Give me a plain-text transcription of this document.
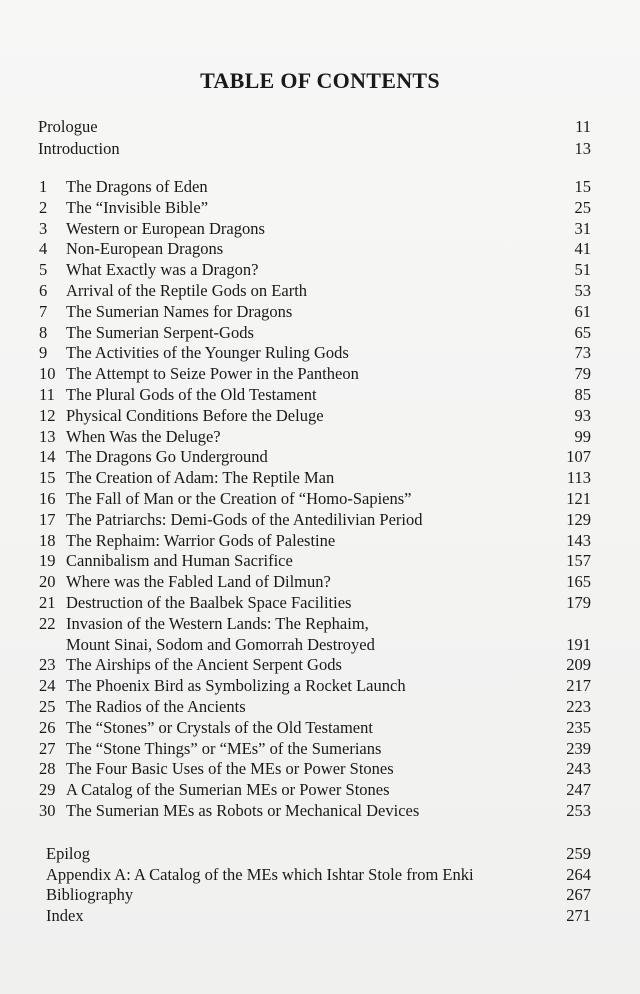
TABLE OF CONTENTS
Prologue	11
Introduction	13
1 The Dragons of Eden	15
2 The “Invisible Bible”	25
3 Western or European Dragons	31
4 Non-European Dragons	41
5 What Exactly was a Dragon?	51
6 Arrival of the Reptile Gods on Earth	53
7 The Sumerian Names for Dragons	61
8 The Sumerian Serpent-Gods	65
9 The Activities of the Younger Ruling Gods	73
10 The Attempt to Seize Power in the Pantheon	79
11 The Plural Gods of the Old Testament	85
12 Physical Conditions Before the Deluge	93
13 When Was the Deluge?	99
14 The Dragons Go Underground	107
15 The Creation of Adam: The Reptile Man	113
16 The Fall of Man or the Creation of “Homo-Sapiens”	121
17 The Patriarchs: Demi-Gods of the Antedilivian Period	129
18 The Rephaim: Warrior Gods of Palestine	143
19 Cannibalism and Human Sacrifice	157
20 Where was the Fabled Land of Dilmun?	165
21 Destruction of the Baalbek Space Facilities	179
22 Invasion of the Western Lands: The Rephaim,
Mount Sinai, Sodom and Gomorrah Destroyed	191
23 The Airships of the Ancient Serpent Gods	209
24 The Phoenix Bird as Symbolizing a Rocket Launch	217
25 The Radios of the Ancients	223
26 The “Stones” or Crystals of the Old Testament	235
27 The “Stone Things” or “MEs” of the Sumerians	239
28 The Four Basic Uses of the MEs or Power Stones	243
29 A Catalog of the Sumerian MEs or Power Stones	247
30 The Sumerian MEs as Robots or Mechanical Devices	253
Epilog	259
Appendix A: A Catalog of the MEs which Ishtar Stole from Enki	264
Bibliography	267
Index	271
